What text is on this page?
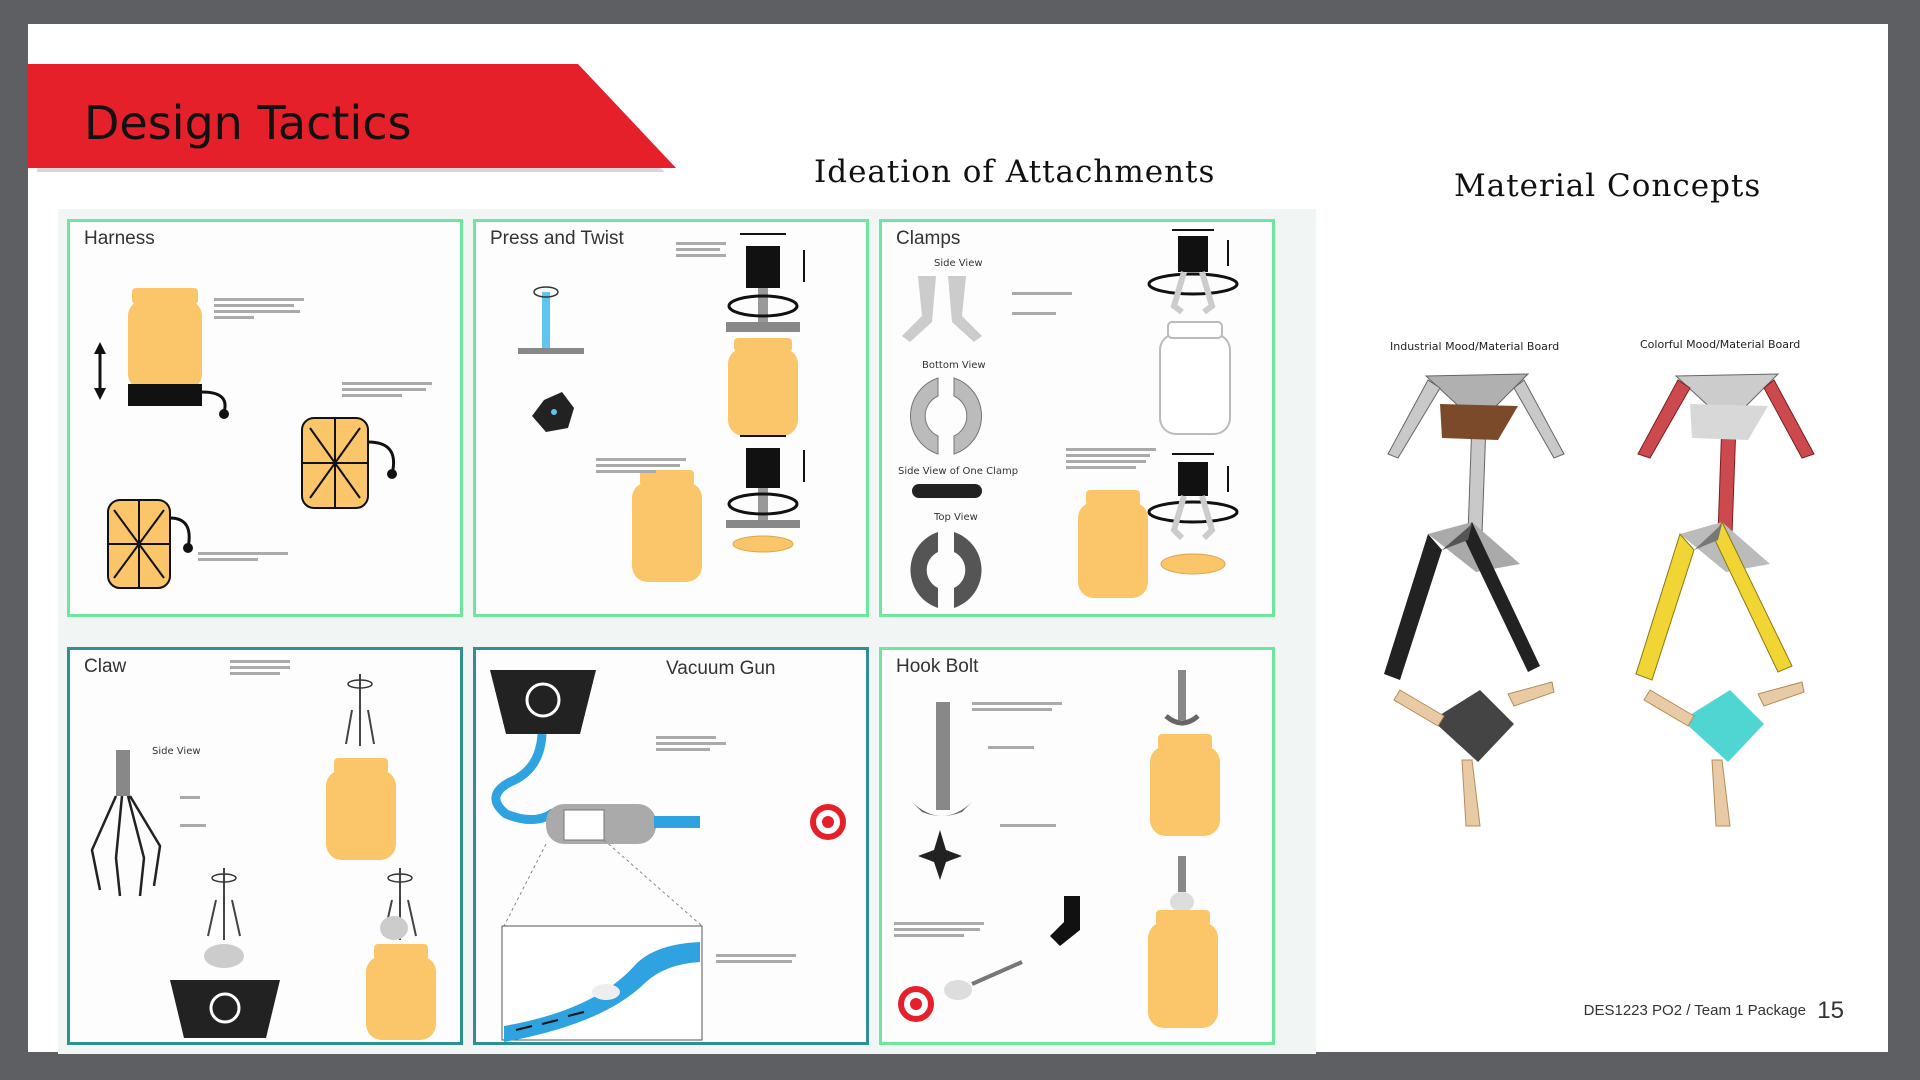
Design Tactics
Ideation of Attachments	Material Concepts
Harness	Press and Twist	Clamps
Side View
Bottom View
Side View of One Clamp
Top View
Claw
Side View
Vacuum Gun	Hook Bolt
Industrial Mood/Material Board	Colorful Mood/Material Board
DES1223 PO2 / Team 1 Package 15
